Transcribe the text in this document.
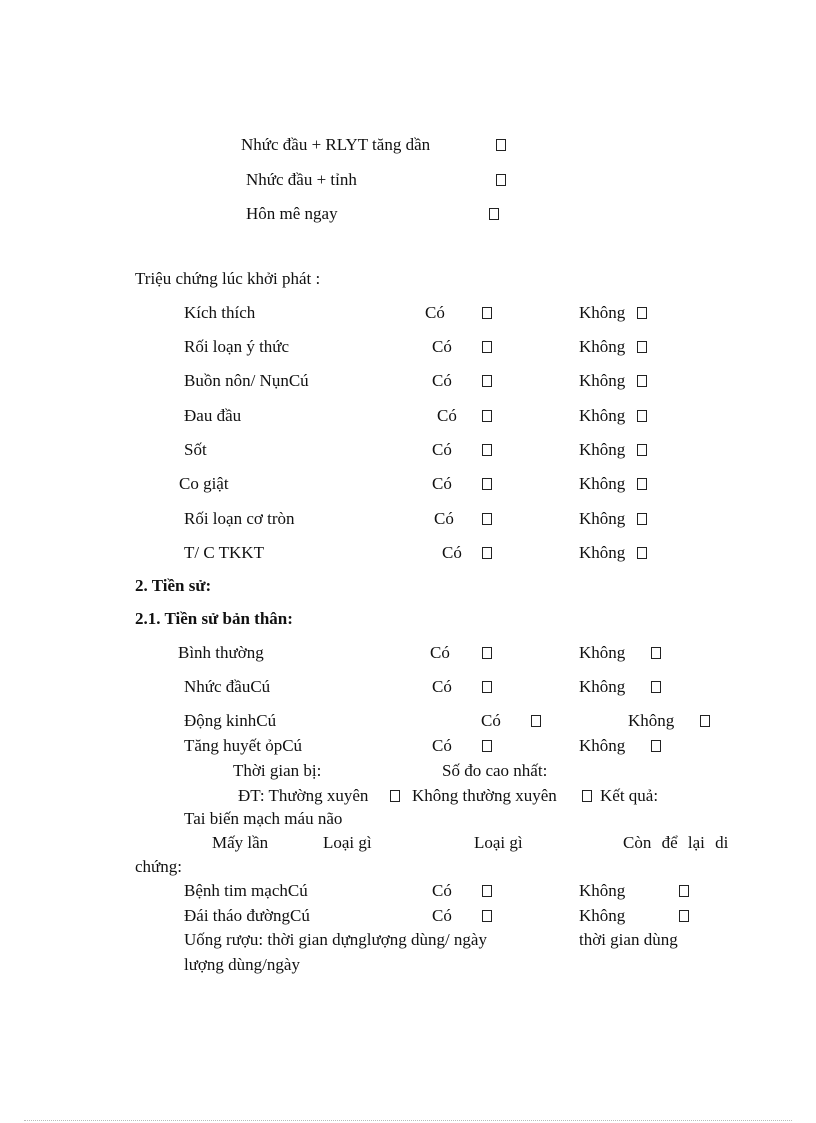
Nhức đầu + RLYT tăng dần
Nhức đầu + tỉnh
Hôn mê ngay
Triệu chứng lúc khởi phát :
Kích thích	Có	Không
Rối loạn ý thức	Có	Không
Buồn nôn/ NụnCú	Có	Không
Đau đầu	Có	Không
Sốt	Có	Không
Co giật	Có	Không
Rối loạn cơ tròn	Có	Không
T/ C TKKT	Có	Không
2. Tiền sử:
2.1. Tiền sử bản thân:
Bình thường	Có	Không
Nhức đầuCú	Có	Không
Động kinhCú	Có	Không
Tăng huyết ỏpCú	Có	Không
Thời gian bị:	Số đo cao nhất:
ĐT: Thường xuyên	Không thường xuyên	Kết quả:
Tai biến mạch máu não
Mấy lần	Loại gì	Loại gì	Còn để lại di
chứng:
Bệnh tim mạchCú	Có	Không
Đái tháo đườngCú	Có	Không
Uống rượu: thời gian dựnglượng dùng/ ngày	thời gian dùng
lượng dùng/ngày
